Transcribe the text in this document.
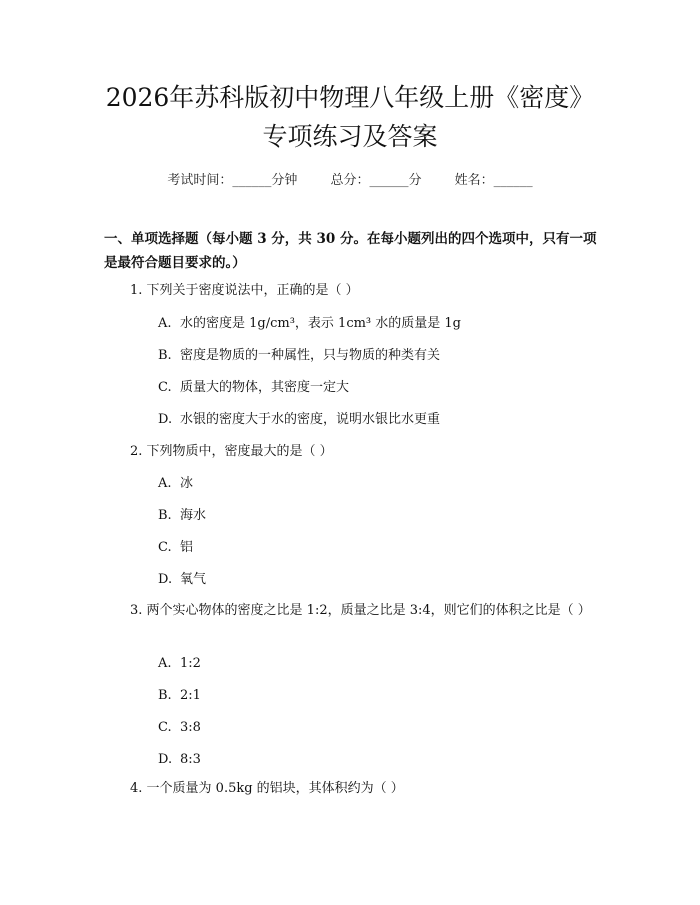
2026年苏科版初中物理八年级上册《密度》
专项练习及答案
考试时间：______分钟	总分：______分	姓名：______
一、单项选择题（每小题 3 分，共 30 分。在每小题列出的四个选项中，只有一项是最符合题目要求的。）
1. 下列关于密度说法中，正确的是（ ）
A. 水的密度是 1g/cm³，表示 1cm³ 水的质量是 1g
B. 密度是物质的一种属性，只与物质的种类有关
C. 质量大的物体，其密度一定大
D. 水银的密度大于水的密度，说明水银比水更重
2. 下列物质中，密度最大的是（ ）
A. 冰
B. 海水
C. 铝
D. 氧气
3. 两个实心物体的密度之比是 1:2，质量之比是 3:4，则它们的体积之比是（ ）
A. 1:2
B. 2:1
C. 3:8
D. 8:3
4. 一个质量为 0.5kg 的铝块，其体积约为（ ）
